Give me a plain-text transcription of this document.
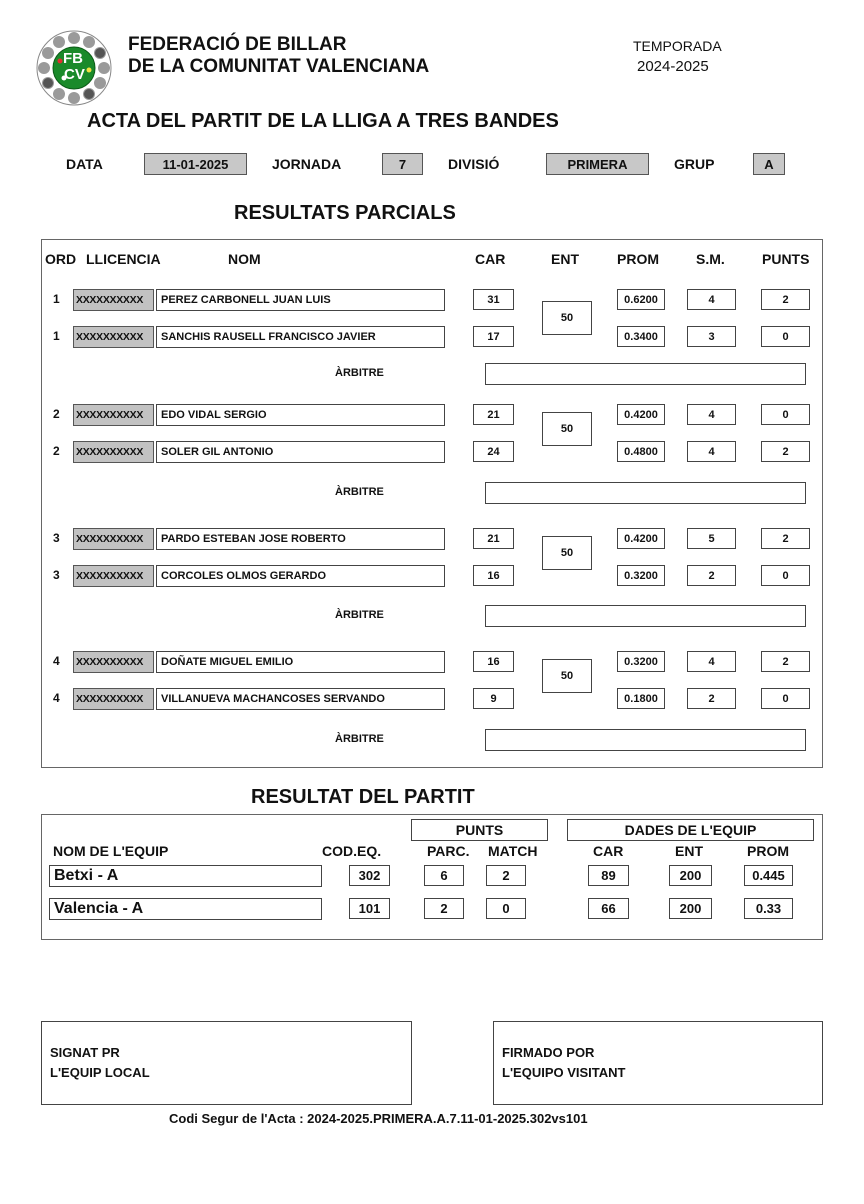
FB
CV
FEDERACIÓ DE BILLAR
DE LA COMUNITAT VALENCIANA
TEMPORADA
2024-2025
ACTA DEL PARTIT DE LA LLIGA A TRES BANDES
DATA	11-01-2025	JORNADA	7	DIVISIÓ	PRIMERA	GRUP	A
RESULTATS PARCIALS
ORD LLICENCIA	NOM	CAR	ENT	PROM	S.M.	PUNTS
1 XXXXXXXXXX	PEREZ CARBONELL JUAN LUIS	31	0.6200	4	2
50
1 XXXXXXXXXX	SANCHIS RAUSELL FRANCISCO JAVIER	17	0.3400	3	0
ÀRBITRE
2 XXXXXXXXXX	EDO VIDAL SERGIO	21	0.4200	4	0
50
2 XXXXXXXXXX	SOLER GIL ANTONIO	24	0.4800	4	2
ÀRBITRE
3 XXXXXXXXXX	PARDO ESTEBAN JOSE ROBERTO	21	0.4200	5	2
50
3 XXXXXXXXXX	CORCOLES OLMOS GERARDO	16	0.3200	2	0
ÀRBITRE
4 XXXXXXXXXX	DOÑATE MIGUEL EMILIO	16	0.3200	4	2
50
4 XXXXXXXXXX	VILLANUEVA MACHANCOSES SERVANDO	9	0.1800	2	0
ÀRBITRE
RESULTAT DEL PARTIT
PUNTS	DADES DE L'EQUIP
NOM DE L'EQUIP	COD.EQ.	PARC. MATCH	CAR	ENT	PROM
Betxi - A	302	6	2	89	200	0.445
Valencia - A	101	2	0	66	200	0.33
SIGNAT PR
L'EQUIP LOCAL
FIRMADO POR
L'EQUIPO VISITANT
Codi Segur de l'Acta : 2024-2025.PRIMERA.A.7.11-01-2025.302vs101
